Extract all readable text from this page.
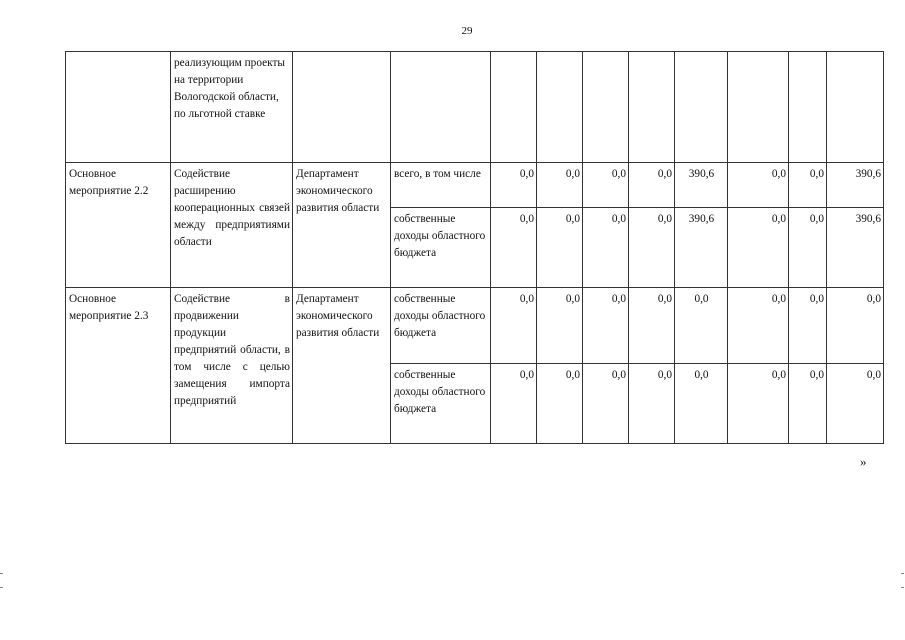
29
	реализующим проекты на территории Вологодской области, по льготной ставке										
Основное мероприятие 2.2	Содействие расширению кооперационных связей между предприятиями области	Департамент экономического развития области	всего, в том числе	0,0	0,0	0,0	0,0	390,6	0,0	0,0	390,6
			собственные доходы областного бюджета	0,0	0,0	0,0	0,0	390,6	0,0	0,0	390,6
Основное мероприятие 2.3	Содействие в продвижении продукции предприятий области, в том числе с целью замещения импорта предприятий	Департамент экономического развития области	собственные доходы областного бюджета	0,0	0,0	0,0	0,0	0,0	0,0	0,0	0,0
			собственные доходы областного бюджета	0,0	0,0	0,0	0,0	0,0	0,0	0,0	0,0
»
